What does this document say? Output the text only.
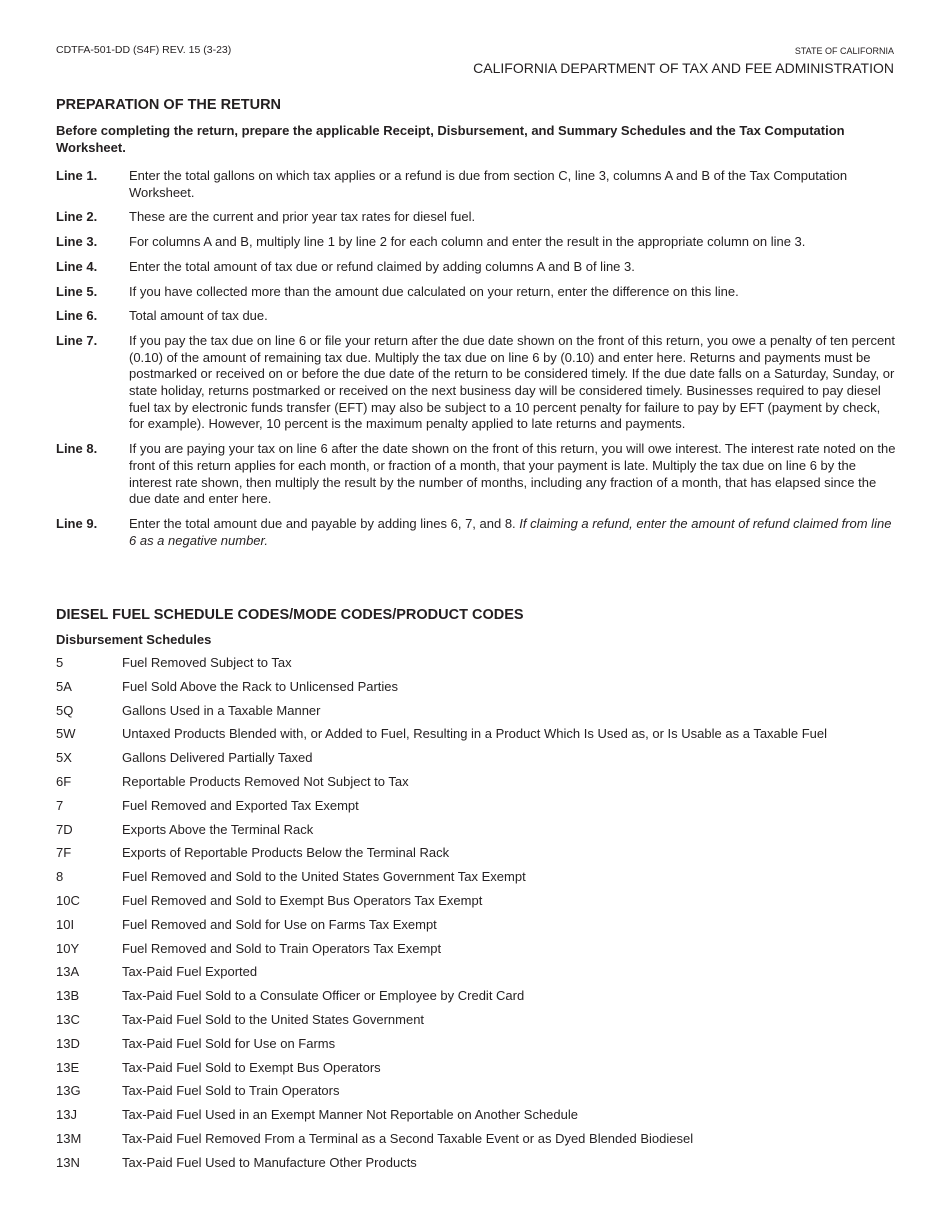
CDTFA-501-DD (S4F) REV. 15 (3-23)	STATE OF CALIFORNIA
CALIFORNIA DEPARTMENT OF TAX AND FEE ADMINISTRATION
PREPARATION OF THE RETURN
Before completing the return, prepare the applicable Receipt, Disbursement, and Summary Schedules and the Tax Computation Worksheet.
Line 1.	Enter the total gallons on which tax applies or a refund is due from section C, line 3, columns A and B of the Tax Computation Worksheet.
Line 2.	These are the current and prior year tax rates for diesel fuel.
Line 3.	For columns A and B, multiply line 1 by line 2 for each column and enter the result in the appropriate column on line 3.
Line 4.	Enter the total amount of tax due or refund claimed by adding columns A and B of line 3.
Line 5.	If you have collected more than the amount due calculated on your return, enter the difference on this line.
Line 6.	Total amount of tax due.
Line 7.	If you pay the tax due on line 6 or file your return after the due date shown on the front of this return, you owe a penalty of ten percent (0.10) of the amount of remaining tax due. Multiply the tax due on line 6 by (0.10) and enter here. Returns and payments must be postmarked or received on or before the due date of the return to be considered timely. If the due date falls on a Saturday, Sunday, or state holiday, returns postmarked or received on the next business day will be considered timely. Businesses required to pay diesel fuel tax by electronic funds transfer (EFT) may also be subject to a 10 percent penalty for failure to pay by EFT (payment by check, for example). However, 10 percent is the maximum penalty applied to late returns and payments.
Line 8.	If you are paying your tax on line 6 after the date shown on the front of this return, you will owe interest. The interest rate noted on the front of this return applies for each month, or fraction of a month, that your payment is late. Multiply the tax due on line 6 by the interest rate shown, then multiply the result by the number of months, including any fraction of a month, that has elapsed since the due date and enter here.
Line 9.	Enter the total amount due and payable by adding lines 6, 7, and 8. If claiming a refund, enter the amount of refund claimed from line 6 as a negative number.
DIESEL FUEL SCHEDULE CODES/MODE CODES/PRODUCT CODES
Disbursement Schedules
5	Fuel Removed Subject to Tax
5A	Fuel Sold Above the Rack to Unlicensed Parties
5Q	Gallons Used in a Taxable Manner
5W	Untaxed Products Blended with, or Added to Fuel, Resulting in a Product Which Is Used as, or Is Usable as a Taxable Fuel
5X	Gallons Delivered Partially Taxed
6F	Reportable Products Removed Not Subject to Tax
7	Fuel Removed and Exported Tax Exempt
7D	Exports Above the Terminal Rack
7F	Exports of Reportable Products Below the Terminal Rack
8	Fuel Removed and Sold to the United States Government Tax Exempt
10C	Fuel Removed and Sold to Exempt Bus Operators Tax Exempt
10I	Fuel Removed and Sold for Use on Farms Tax Exempt
10Y	Fuel Removed and Sold to Train Operators Tax Exempt
13A	Tax-Paid Fuel Exported
13B	Tax-Paid Fuel Sold to a Consulate Officer or Employee by Credit Card
13C	Tax-Paid Fuel Sold to the United States Government
13D	Tax-Paid Fuel Sold for Use on Farms
13E	Tax-Paid Fuel Sold to Exempt Bus Operators
13G	Tax-Paid Fuel Sold to Train Operators
13J	Tax-Paid Fuel Used in an Exempt Manner Not Reportable on Another Schedule
13M	Tax-Paid Fuel Removed From a Terminal as a Second Taxable Event or as Dyed Blended Biodiesel
13N	Tax-Paid Fuel Used to Manufacture Other Products
